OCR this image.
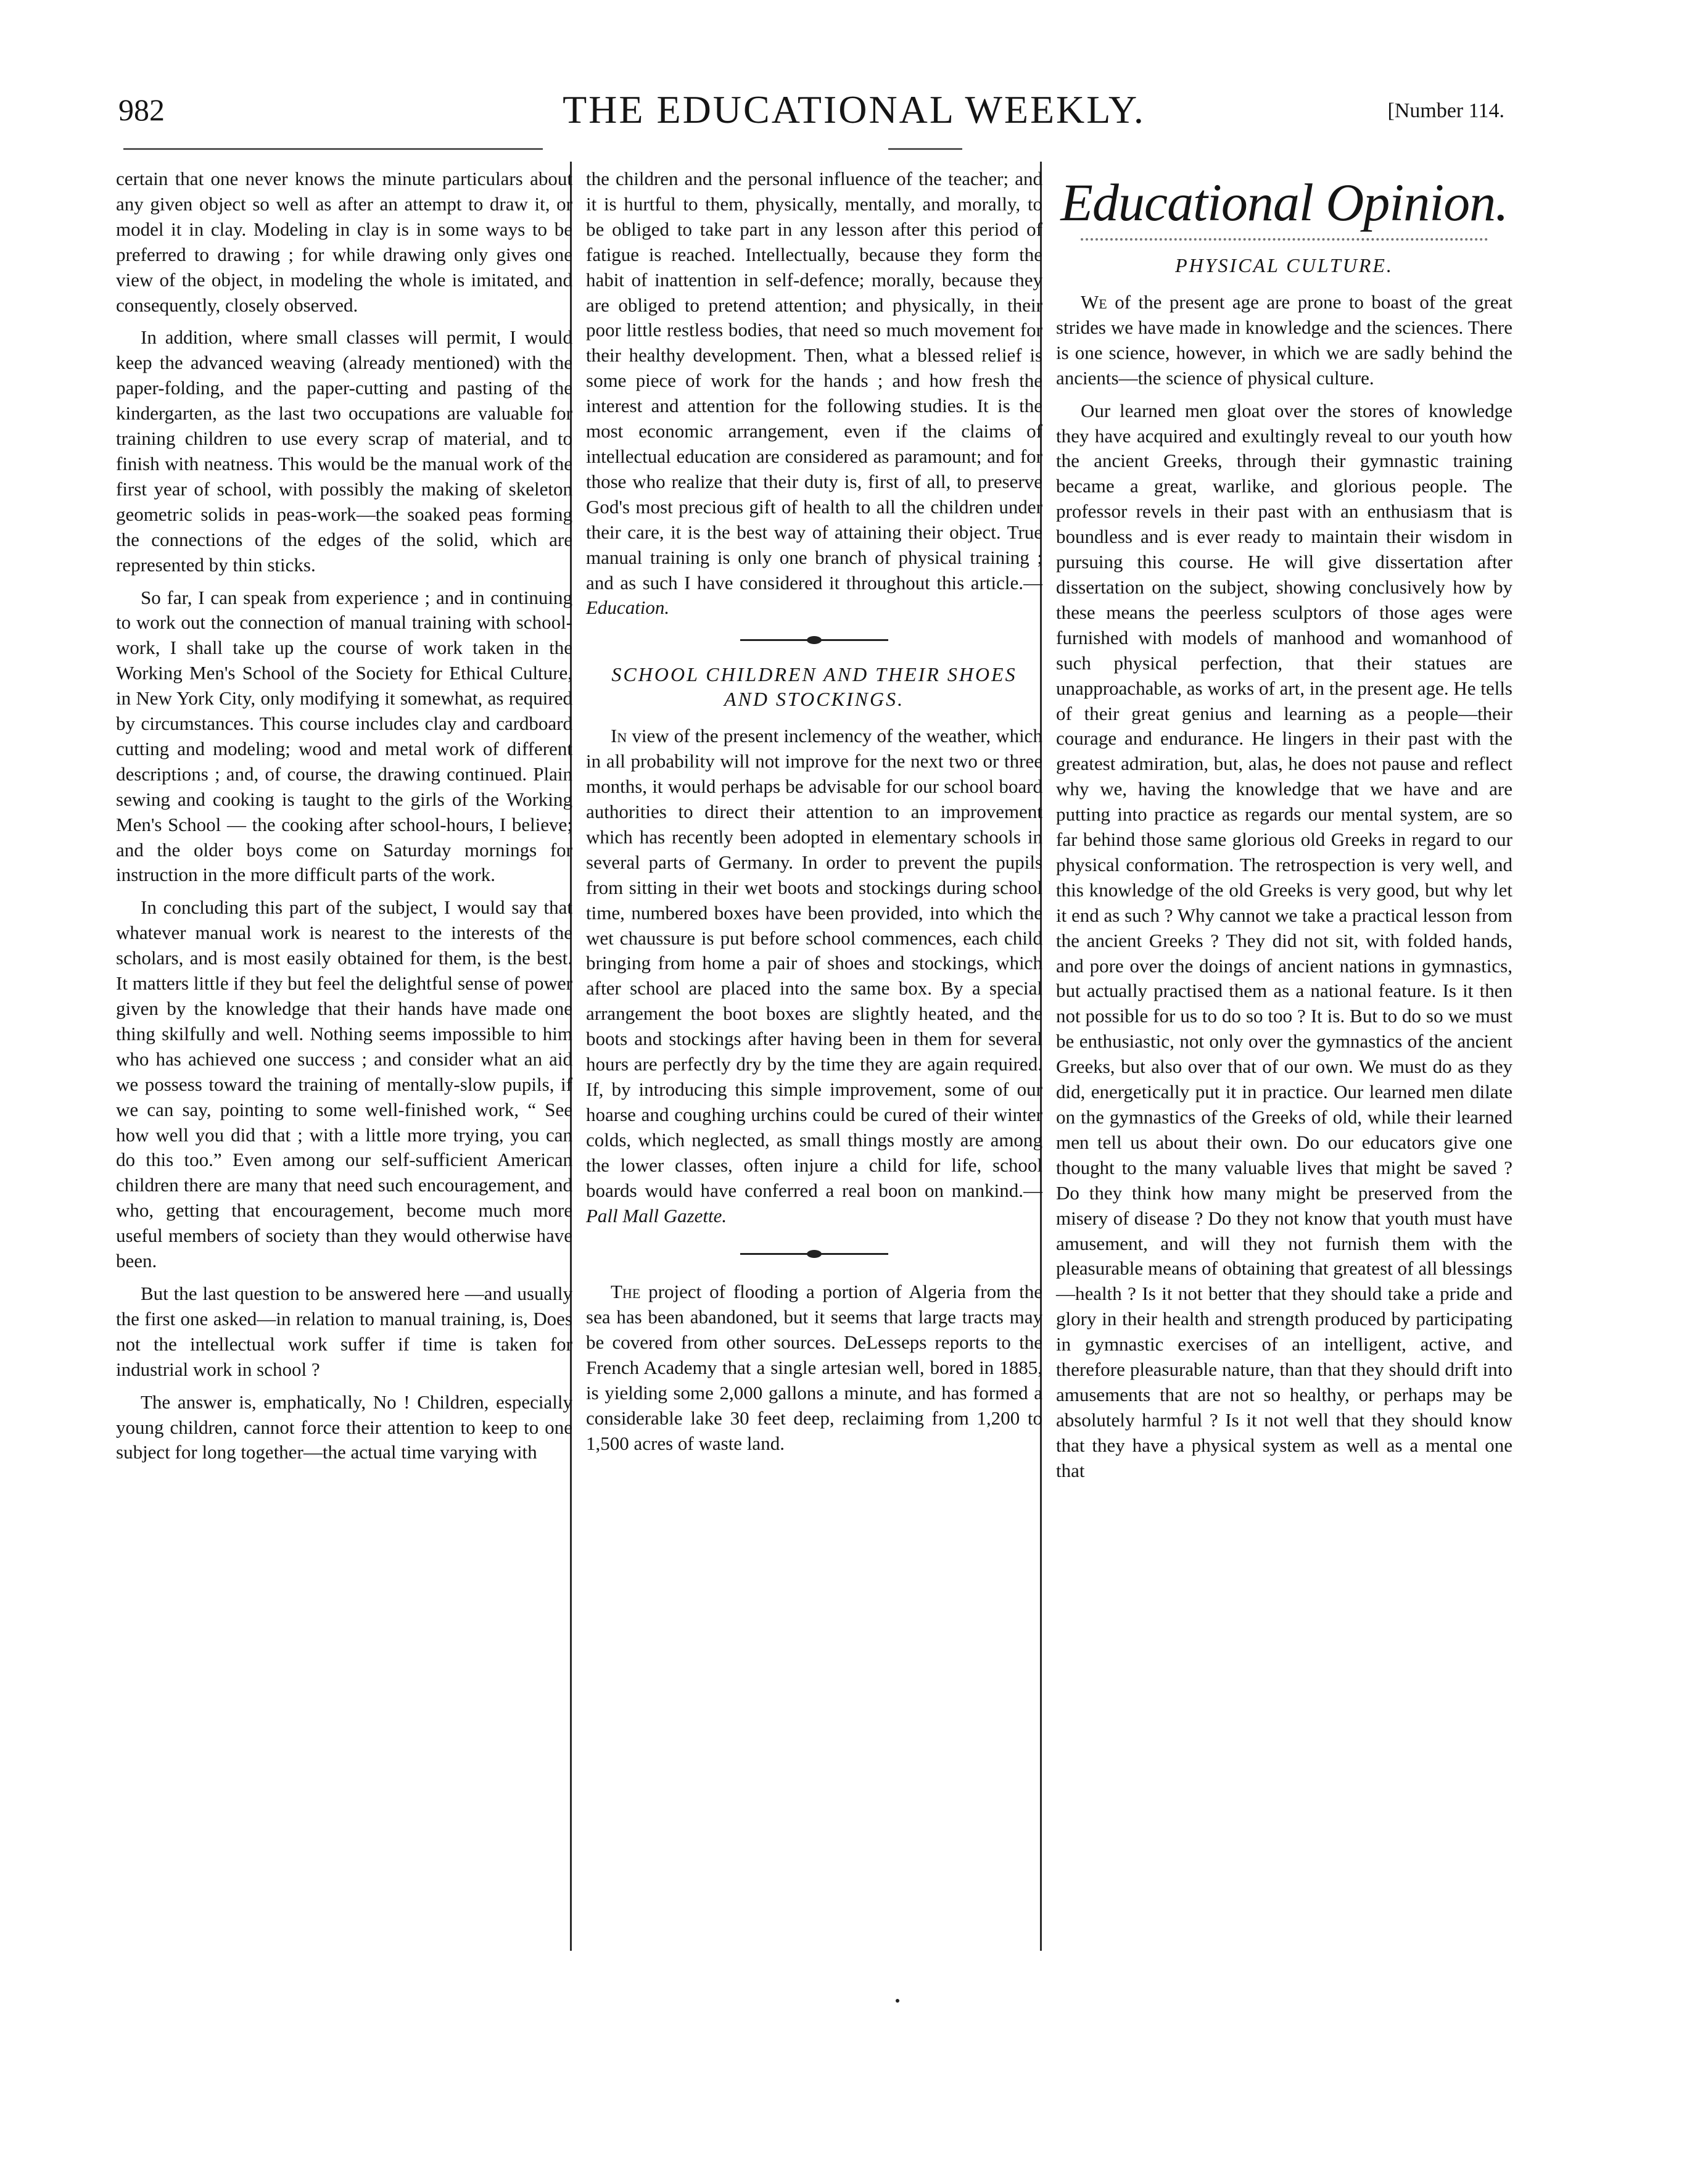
982	THE EDUCATIONAL WEEKLY.	[Number 114.

certain that one never knows the minute particulars about any given object so well as after an attempt to draw it, or model it in clay. Modeling in clay is in some ways to be preferred to drawing ; for while drawing only gives one view of the object, in modeling the whole is imitated, and consequently, closely observed.

In addition, where small classes will permit, I would keep the advanced weaving (already mentioned) with the paper-folding, and the paper-cutting and pasting of the kindergarten, as the last two occupations are valuable for training children to use every scrap of material, and to finish with neatness. This would be the manual work of the first year of school, with possibly the making of skeleton geometric solids in peas-work—the soaked peas forming the connections of the edges of the solid, which are represented by thin sticks.

So far, I can speak from experience ; and in continuing to work out the connection of manual training with school-work, I shall take up the course of work taken in the Working Men's School of the Society for Ethical Culture, in New York City, only modifying it somewhat, as required by circumstances. This course includes clay and cardboard cutting and modeling; wood and metal work of different descriptions ; and, of course, the drawing continued. Plain sewing and cooking is taught to the girls of the Working Men's School — the cooking after school-hours, I believe; and the older boys come on Saturday mornings for instruction in the more difficult parts of the work.

In concluding this part of the subject, I would say that whatever manual work is nearest to the interests of the scholars, and is most easily obtained for them, is the best. It matters little if they but feel the delightful sense of power given by the knowledge that their hands have made one thing skilfully and well. Nothing seems impossible to him who has achieved one success ; and consider what an aid we possess toward the training of mentally-slow pupils, if we can say, pointing to some well-finished work, “ See how well you did that ; with a little more trying, you can do this too.” Even among our self-sufficient American children there are many that need such encouragement, and who, getting that encouragement, become much more useful members of society than they would otherwise have been.

But the last question to be answered here —and usually the first one asked—in relation to manual training, is, Does not the intellectual work suffer if time is taken for industrial work in school ?

The answer is, emphatically, No ! Children, especially young children, cannot force their attention to keep to one subject for long together—the actual time varying with

the children and the personal influence of the teacher; and it is hurtful to them, physically, mentally, and morally, to be obliged to take part in any lesson after this period of fatigue is reached. Intellectually, because they form the habit of inattention in self-defence; morally, because they are obliged to pretend attention; and physically, in their poor little restless bodies, that need so much movement for their healthy development. Then, what a blessed relief is some piece of work for the hands ; and how fresh the interest and attention for the following studies. It is the most economic arrangement, even if the claims of intellectual education are considered as paramount; and for those who realize that their duty is, first of all, to preserve God's most precious gift of health to all the children under their care, it is the best way of attaining their object. True manual training is only one branch of physical training ; and as such I have considered it throughout this article.—Education.

SCHOOL CHILDREN AND THEIR SHOES AND STOCKINGS.

In view of the present inclemency of the weather, which in all probability will not improve for the next two or three months, it would perhaps be advisable for our school board authorities to direct their attention to an improvement which has recently been adopted in elementary schools in several parts of Germany. In order to prevent the pupils from sitting in their wet boots and stockings during school time, numbered boxes have been provided, into which the wet chaussure is put before school commences, each child bringing from home a pair of shoes and stockings, which after school are placed into the same box. By a special arrangement the boot boxes are slightly heated, and the boots and stockings after having been in them for several hours are perfectly dry by the time they are again required. If, by introducing this simple improvement, some of our hoarse and coughing urchins could be cured of their winter colds, which neglected, as small things mostly are among the lower classes, often injure a child for life, school boards would have conferred a real boon on mankind.—Pall Mall Gazette.

The project of flooding a portion of Algeria from the sea has been abandoned, but it seems that large tracts may be covered from other sources. DeLesseps reports to the French Academy that a single artesian well, bored in 1885, is yielding some 2,000 gallons a minute, and has formed a considerable lake 30 feet deep, reclaiming from 1,200 to 1,500 acres of waste land.

Educational Opinion.
PHYSICAL CULTURE.

We of the present age are prone to boast of the great strides we have made in knowledge and the sciences. There is one science, however, in which we are sadly behind the ancients—the science of physical culture.

Our learned men gloat over the stores of knowledge they have acquired and exultingly reveal to our youth how the ancient Greeks, through their gymnastic training became a great, warlike, and glorious people. The professor revels in their past with an enthusiasm that is boundless and is ever ready to maintain their wisdom in pursuing this course. He will give dissertation after dissertation on the subject, showing conclusively how by these means the peerless sculptors of those ages were furnished with models of manhood and womanhood of such physical perfection, that their statues are unapproachable, as works of art, in the present age. He tells of their great genius and learning as a people—their courage and endurance. He lingers in their past with the greatest admiration, but, alas, he does not pause and reflect why we, having the knowledge that we have and are putting into practice as regards our mental system, are so far behind those same glorious old Greeks in regard to our physical conformation. The retrospection is very well, and this knowledge of the old Greeks is very good, but why let it end as such ? Why cannot we take a practical lesson from the ancient Greeks ? They did not sit, with folded hands, and pore over the doings of ancient nations in gymnastics, but actually practised them as a national feature. Is it then not possible for us to do so too ? It is. But to do so we must be enthusiastic, not only over the gymnastics of the ancient Greeks, but also over that of our own. We must do as they did, energetically put it in practice. Our learned men dilate on the gymnastics of the Greeks of old, while their learned men tell us about their own. Do our educators give one thought to the many valuable lives that might be saved ? Do they think how many might be preserved from the misery of disease ? Do they not know that youth must have amusement, and will they not furnish them with the pleasurable means of obtaining that greatest of all blessings—health ? Is it not better that they should take a pride and glory in their health and strength produced by participating in gymnastic exercises of an intelligent, active, and therefore pleasurable nature, than that they should drift into amusements that are not so healthy, or perhaps may be absolutely harmful ? Is it not well that they should know that they have a physical system as well as a mental one that
